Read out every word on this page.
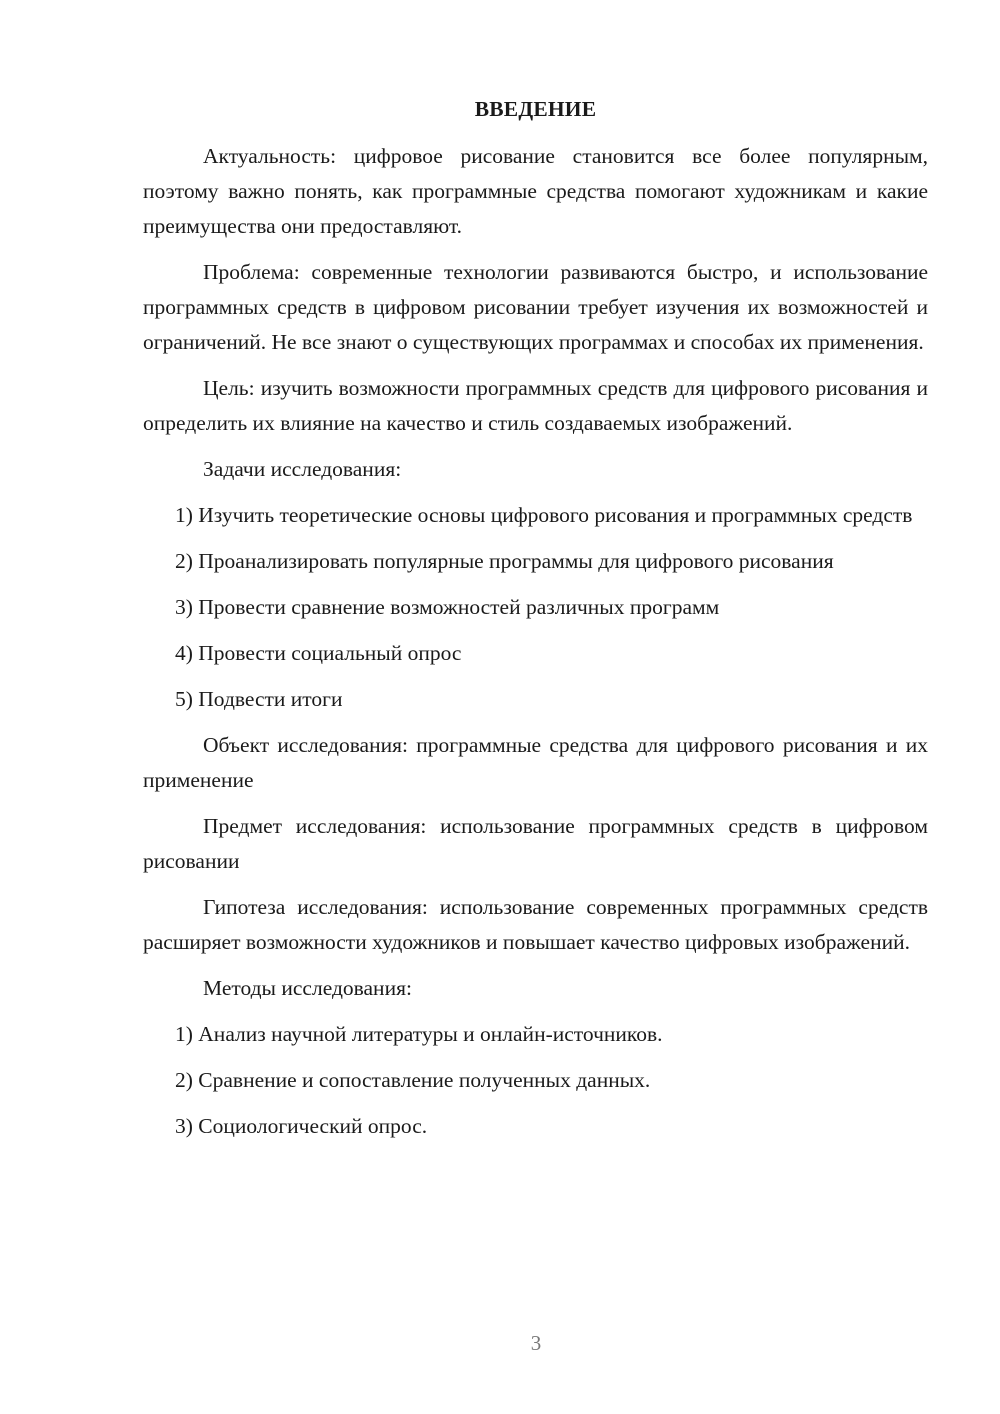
ВВЕДЕНИЕ

Актуальность: цифровое рисование становится все более популярным, поэтому важно понять, как программные средства помогают художникам и какие преимущества они предоставляют.

Проблема: современные технологии развиваются быстро, и использование программных средств в цифровом рисовании требует изучения их возможностей и ограничений. Не все знают о существующих программах и способах их применения.

Цель: изучить возможности программных средств для цифрового рисования и определить их влияние на качество и стиль создаваемых изображений.

Задачи исследования:

1) Изучить теоретические основы цифрового рисования и программных средств

2) Проанализировать популярные программы для цифрового рисования

3) Провести сравнение возможностей различных программ

4) Провести социальный опрос

5) Подвести итоги

Объект исследования: программные средства для цифрового рисования и их применение

Предмет исследования: использование программных средств в цифровом рисовании

Гипотеза исследования: использование современных программных средств расширяет возможности художников и повышает качество цифровых изображений.

Методы исследования:

1) Анализ научной литературы и онлайн-источников.

2) Сравнение и сопоставление полученных данных.

3) Социологический опрос.

3
